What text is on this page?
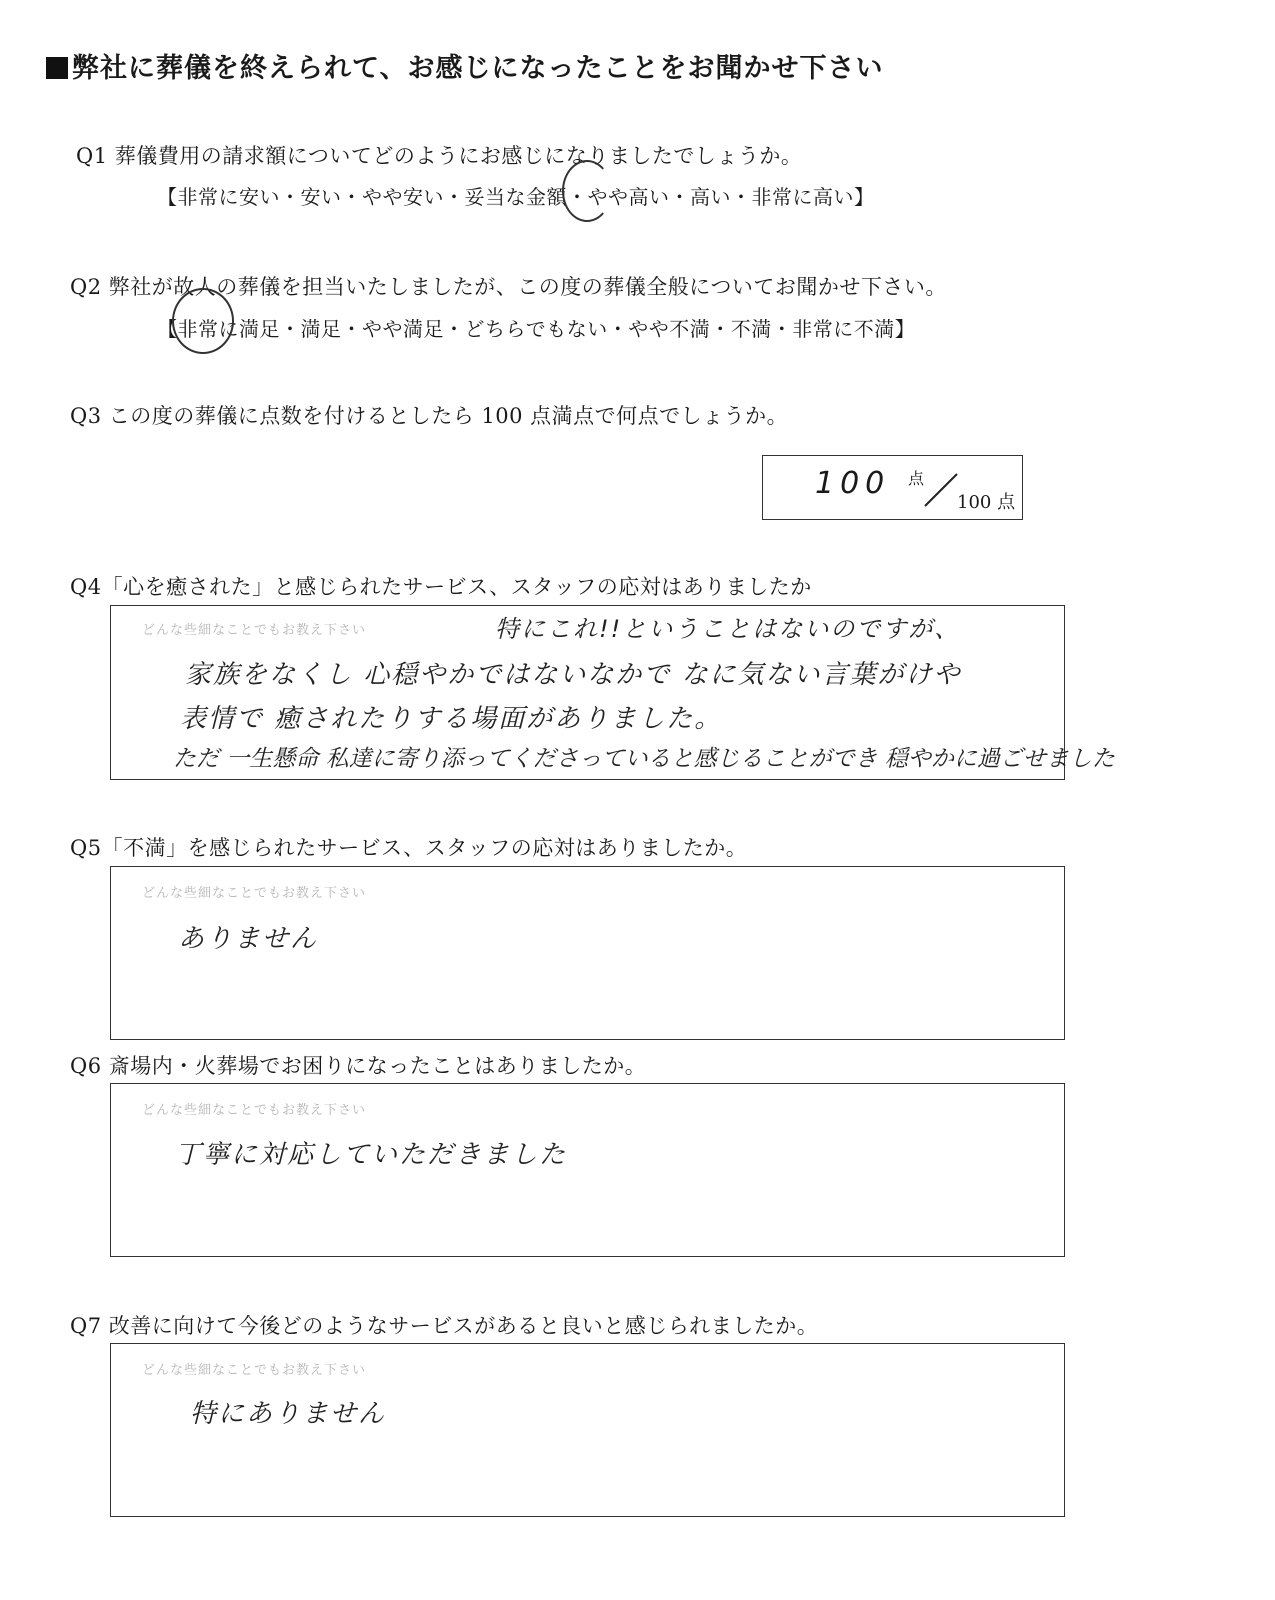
弊社に葬儀を終えられて、お感じになったことをお聞かせ下さい
Q1 葬儀費用の請求額についてどのようにお感じになりましたでしょうか。
【非常に安い・安い・やや安い・妥当な金額・やや高い・高い・非常に高い】
Q2 弊社が故人の葬儀を担当いたしましたが、この度の葬儀全般についてお聞かせ下さい。
【非常に満足・満足・やや満足・どちらでもない・やや不満・不満・非常に不満】
Q3 この度の葬儀に点数を付けるとしたら 100 点満点で何点でしょうか。
100 点
100 点
Q4「心を癒された」と感じられたサービス、スタッフの応対はありましたか
どんな些細なことでもお教え下さい	特にこれ!!ということはないのですが、
家族をなくし 心穏やかではないなかで なに気ない言葉がけや
表情で 癒されたりする場面がありました。
ただ 一生懸命 私達に寄り添ってくださっていると感じることができ 穏やかに過ごせました
Q5「不満」を感じられたサービス、スタッフの応対はありましたか。
どんな些細なことでもお教え下さい
ありません
Q6 斎場内・火葬場でお困りになったことはありましたか。
どんな些細なことでもお教え下さい
丁寧に対応していただきました
Q7 改善に向けて今後どのようなサービスがあると良いと感じられましたか。
どんな些細なことでもお教え下さい
特にありません
